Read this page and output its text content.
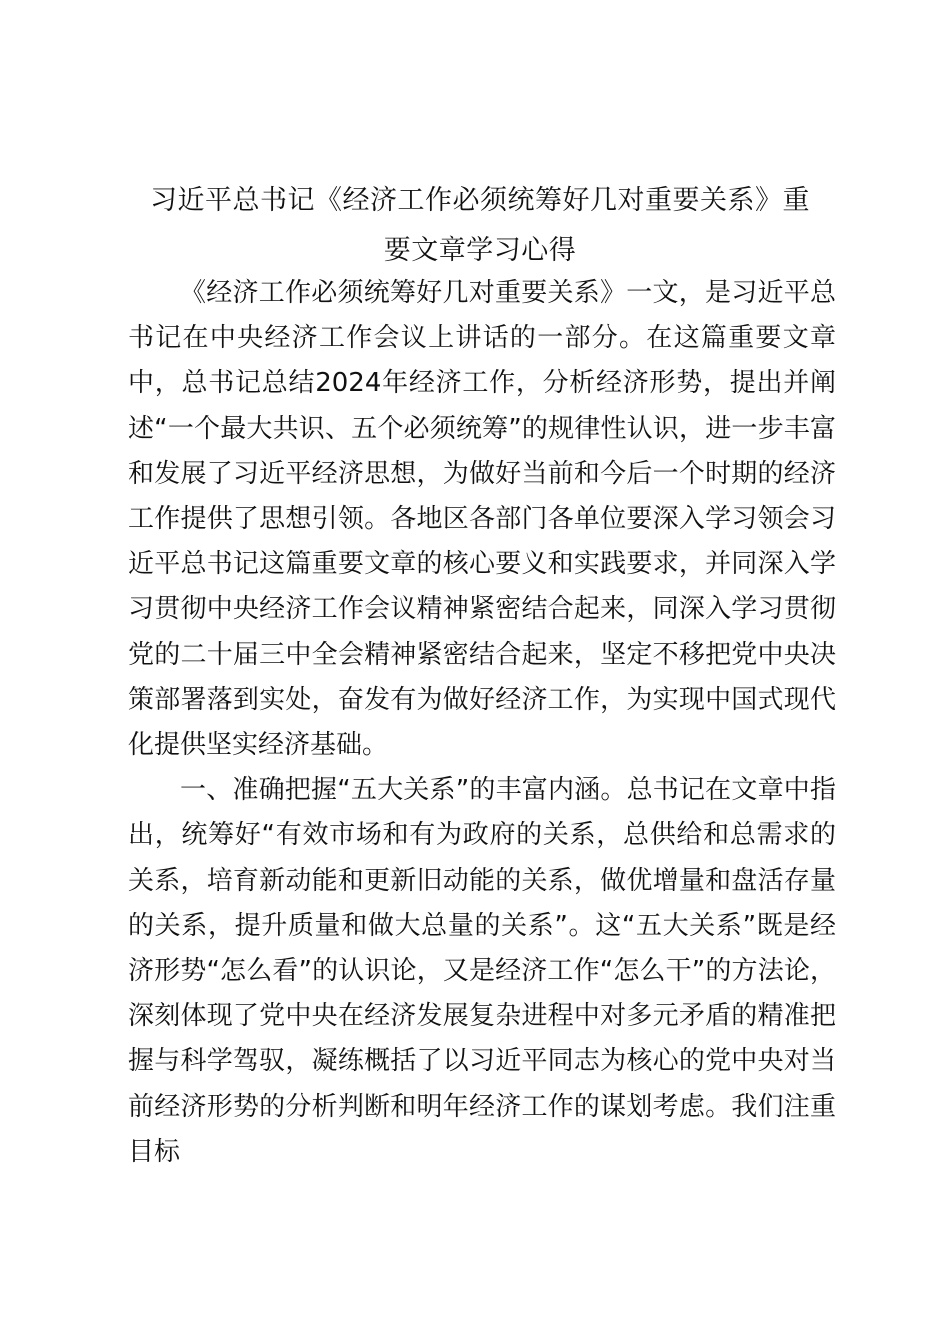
习近平总书记《经济工作必须统筹好几对重要关系》重
要文章学习心得

《经济工作必须统筹好几对重要关系》一文，是习近平总书记在中央经济工作会议上讲话的一部分。在这篇重要文章中，总书记总结2024年经济工作，分析经济形势，提出并阐述“一个最大共识、五个必须统筹”的规律性认识，进一步丰富和发展了习近平经济思想，为做好当前和今后一个时期的经济工作提供了思想引领。各地区各部门各单位要深入学习领会习近平总书记这篇重要文章的核心要义和实践要求，并同深入学习贯彻中央经济工作会议精神紧密结合起来，同深入学习贯彻党的二十届三中全会精神紧密结合起来，坚定不移把党中央决策部署落到实处，奋发有为做好经济工作，为实现中国式现代化提供坚实经济基础。

一、准确把握“五大关系”的丰富内涵。总书记在文章中指出，统筹好“有效市场和有为政府的关系，总供给和总需求的关系，培育新动能和更新旧动能的关系，做优增量和盘活存量的关系，提升质量和做大总量的关系”。这“五大关系”既是经济形势“怎么看”的认识论，又是经济工作“怎么干”的方法论，深刻体现了党中央在经济发展复杂进程中对多元矛盾的精准把握与科学驾驭，凝练概括了以习近平同志为核心的党中央对当前经济形势的分析判断和明年经济工作的谋划考虑。我们注重目标
